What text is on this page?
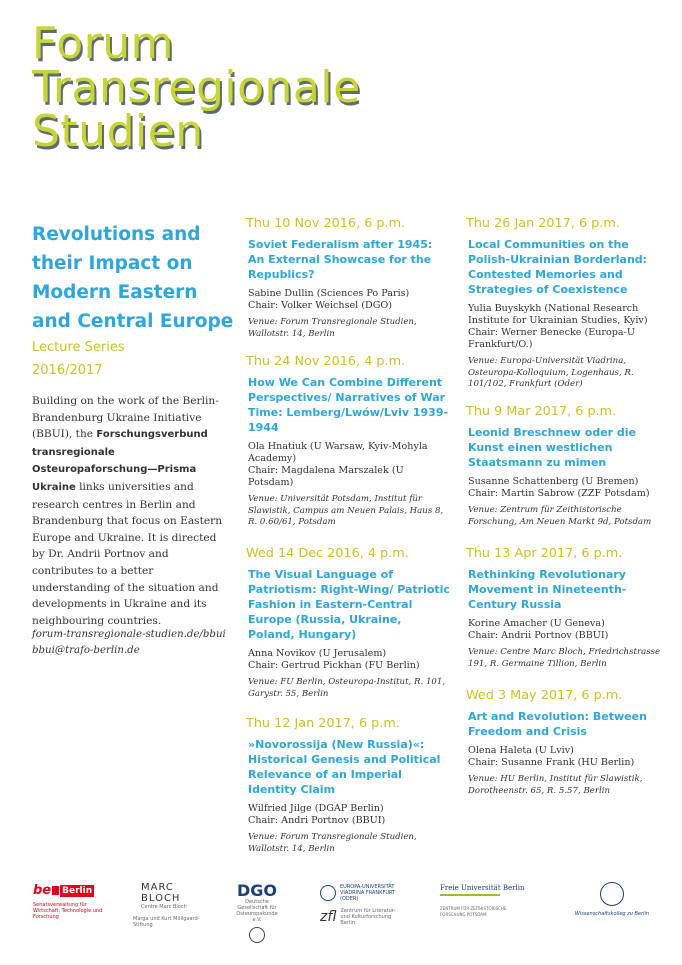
Forum
Transregionale
Studien
Revolutions and
their Impact on
Modern Eastern
and Central Europe
Lecture Series
2016/2017
Building on the work of the Berlin-Brandenburg Ukraine Initiative (BBUI), the Forschungsverbund transregionale Osteuropaforschung—Prisma Ukraine links universities and research centres in Berlin and Brandenburg that focus on Eastern Europe and Ukraine. It is directed by Dr. Andrii Portnov and contributes to a better understanding of the situation and developments in Ukraine and its neighbouring countries.
forum-transregionale-studien.de/bbui
bbui@trafo-berlin.de
Thu 10 Nov 2016, 6 p.m.
Soviet Federalism after 1945: An External Showcase for the Republics?
Sabine Dullin (Sciences Po Paris)
Chair: Volker Weichsel (DGO)
Venue: Forum Transregionale Studien, Wallotstr. 14, Berlin
Thu 24 Nov 2016, 4 p.m.
How We Can Combine Different Perspectives/ Narratives of War Time: Lemberg/Lwów/Lviv 1939-1944
Ola Hnatiuk (U Warsaw, Kyiv-Mohyla Academy)
Chair: Magdalena Marszalek (U Potsdam)
Venue: Universität Potsdam, Institut für Slawistik, Campus am Neuen Palais, Haus 8, R. 0.60/61, Potsdam
Wed 14 Dec 2016, 4 p.m.
The Visual Language of Patriotism: Right-Wing/ Patriotic Fashion in Eastern-Central Europe (Russia, Ukraine, Poland, Hungary)
Anna Novikov (U Jerusalem)
Chair: Gertrud Pickhan (FU Berlin)
Venue: FU Berlin, Osteuropa-Institut, R. 101, Garystr. 55, Berlin
Thu 12 Jan 2017, 6 p.m.
»Novorossija (New Russia)«: Historical Genesis and Political Relevance of an Imperial Identity Claim
Wilfried Jilge (DGAP Berlin)
Chair: Andri Portnov (BBUI)
Venue: Forum Transregionale Studien, Wallotstr. 14, Berlin
Thu 26 Jan 2017, 6 p.m.
Local Communities on the Polish-Ukrainian Borderland: Contested Memories and Strategies of Coexistence
Yulia Buyskykh (National Research Institute for Ukrainian Studies, Kyiv)
Chair: Werner Benecke (Europa-U Frankfurt/O.)
Venue: Europa-Universität Viadrina, Osteuropa-Kolloquium, Logenhaus, R. 101/102, Frankfurt (Oder)
Thu 9 Mar 2017, 6 p.m.
Leonid Breschnew oder die Kunst einen westlichen Staatsmann zu mimen
Susanne Schattenberg (U Bremen)
Chair: Martin Sabrow (ZZF Potsdam)
Venue: Zentrum für Zeithistorische Forschung, Am Neuen Markt 9d, Potsdam
Thu 13 Apr 2017, 6 p.m.
Rethinking Revolutionary Movement in Nineteenth-Century Russia
Korine Amacher (U Geneva)
Chair: Andrii Portnov (BBUI)
Venue: Centre Marc Bloch, Friedrichstrasse 191, R. Germaine Tillion, Berlin
Wed 3 May 2017, 6 p.m.
Art and Revolution: Between Freedom and Crisis
Olena Haleta (U Lviv)
Chair: Susanne Frank (HU Berlin)
Venue: HU Berlin, Institut für Slawistik, Dorotheenstr. 65, R. 5.57, Berlin
be Berlin
Senatsverwaltung für Wirtschaft, Technologie und Forschung
MARC BLOCH
Centre Marc Bloch
Marga und Kurt Möllgaard-Stiftung
DGO
Deutsche Gesellschaft für Osteuropakunde e.V.
EUROPA-UNIVERSITÄT VIADRINA FRANKFURT (ODER)
zfl Zentrum für Literatur- und Kulturforschung Berlin
Freie Universität Berlin
ZENTRUM FÜR ZEITHISTORISCHE FORSCHUNG POTSDAM	Wissenschaftskolleg zu Berlin
